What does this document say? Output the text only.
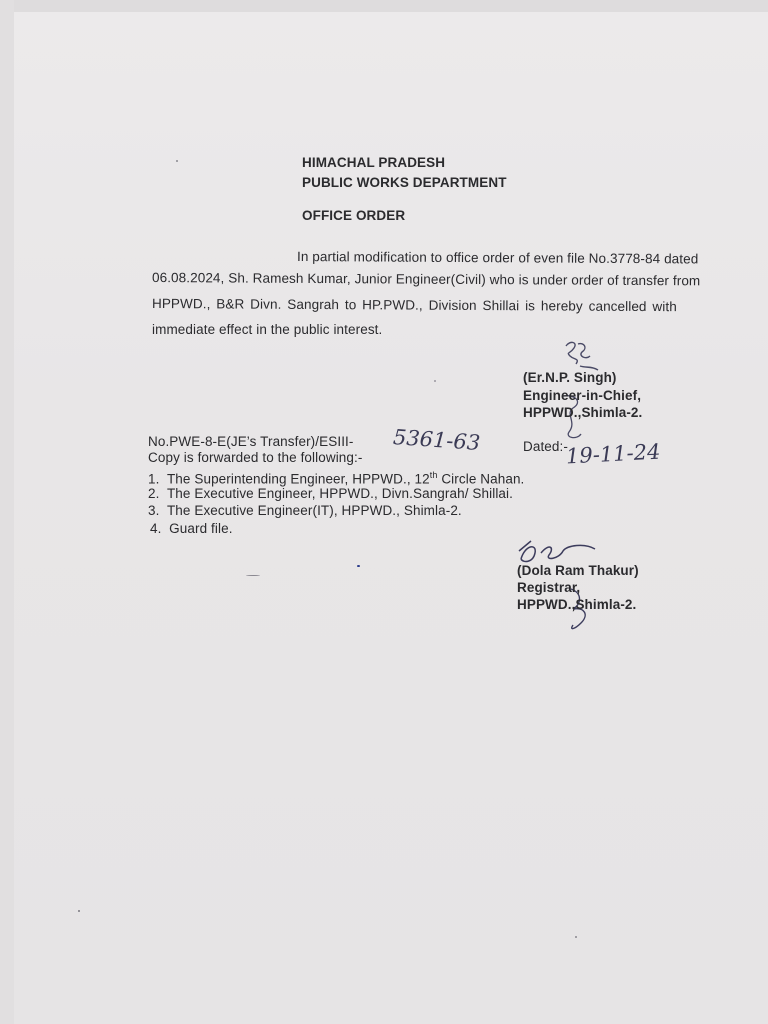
HIMACHAL PRADESH
PUBLIC WORKS DEPARTMENT
OFFICE ORDER
In partial modification to office order of even file No.3778-84 dated
06.08.2024, Sh. Ramesh Kumar, Junior Engineer(Civil) who is under order of transfer from
HPPWD., B&R Divn. Sangrah to HP.PWD., Division Shillai is hereby cancelled with
immediate effect in the public interest.
(Er.N.P. Singh)
Engineer-in-Chief,
HPPWD.,Shimla-2.
No.PWE-8-E(JE’s Transfer)/ESIII- 5361-63	Dated:-
19-11-24
Copy is forwarded to the following:-
1. The Superintending Engineer, HPPWD., 12th Circle Nahan.
2. The Executive Engineer, HPPWD., Divn.Sangrah/ Shillai.
3. The Executive Engineer(IT), HPPWD., Shimla-2.
4. Guard file.
(Dola Ram Thakur)
Registrar,
HPPWD.,Shimla-2.
